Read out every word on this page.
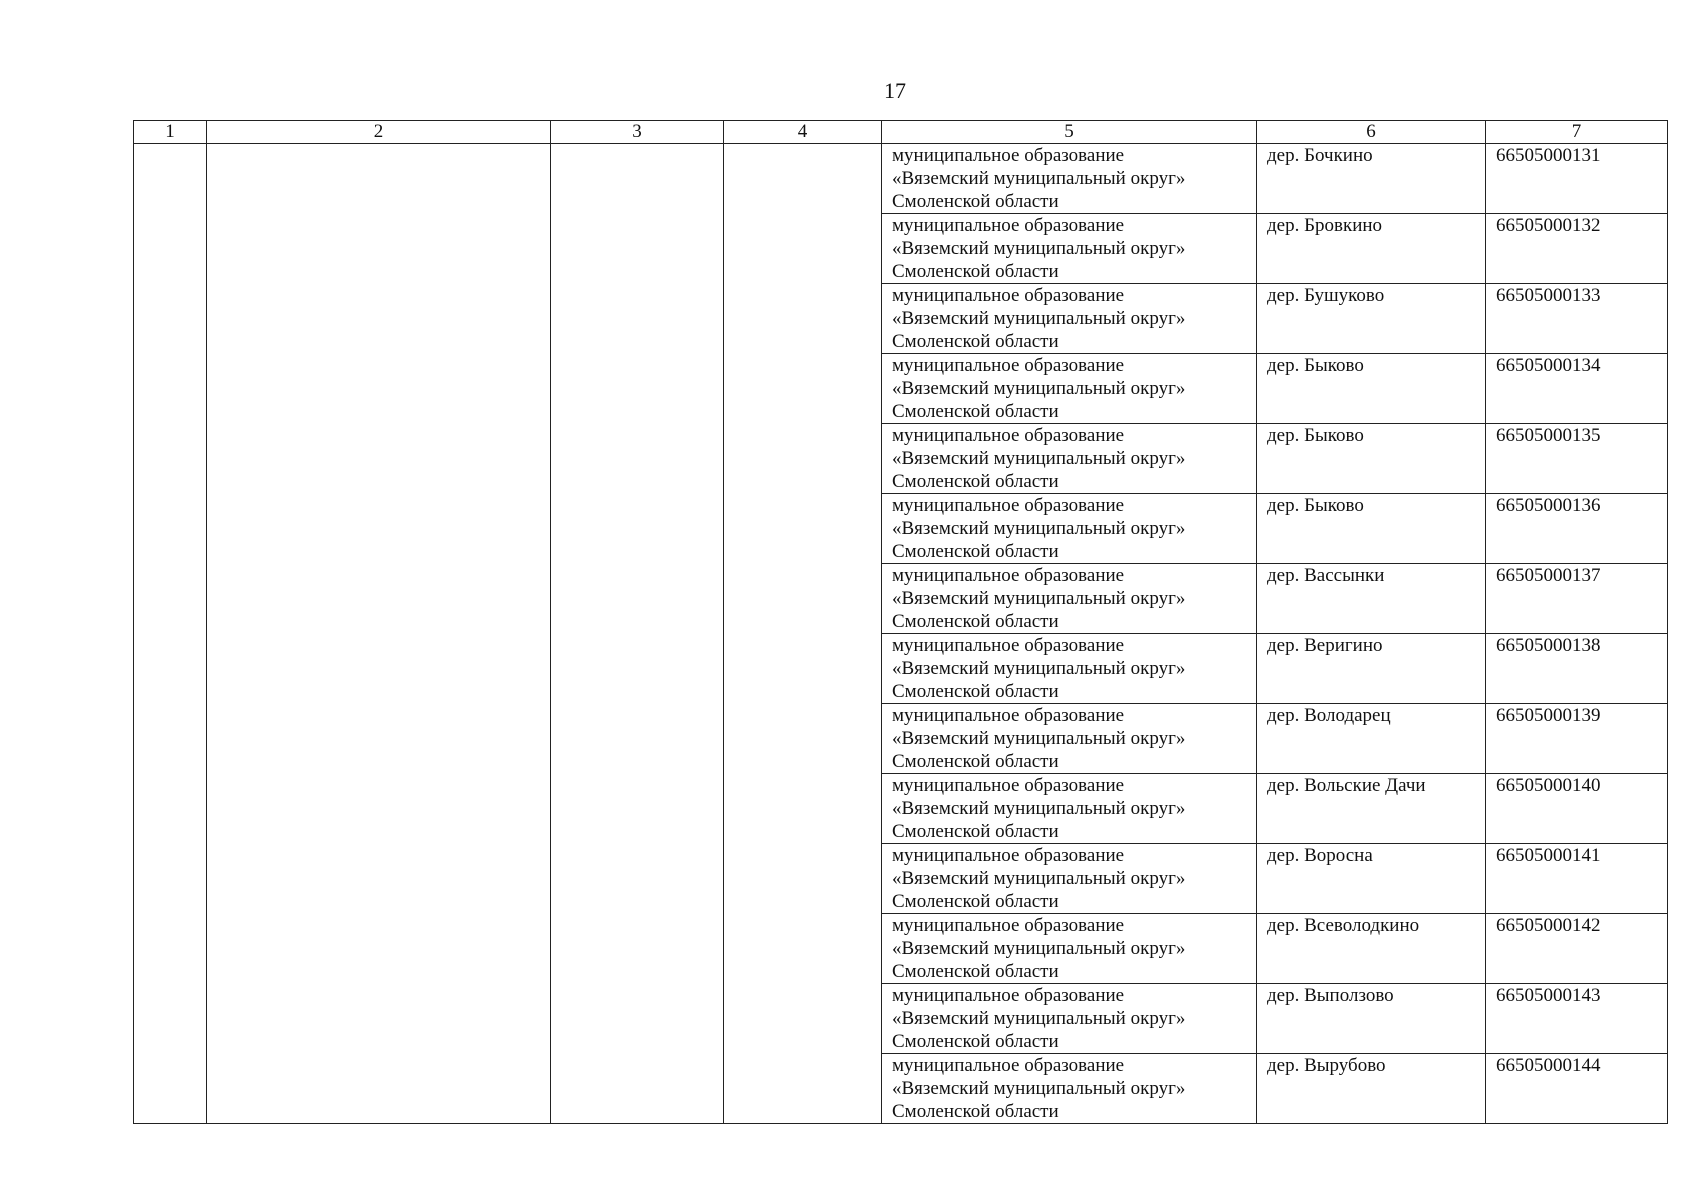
17
1	2	3	4	5	6	7

				муниципальное образование
«Вяземский муниципальный округ»
Смоленской области	дер. Бочкино	66505000131

				муниципальное образование
«Вяземский муниципальный округ»
Смоленской области	дер. Бровкино	66505000132

				муниципальное образование
«Вяземский муниципальный округ»
Смоленской области	дер. Бушуково	66505000133

				муниципальное образование
«Вяземский муниципальный округ»
Смоленской области	дер. Быково	66505000134

				муниципальное образование
«Вяземский муниципальный округ»
Смоленской области	дер. Быково	66505000135

				муниципальное образование
«Вяземский муниципальный округ»
Смоленской области	дер. Быково	66505000136

				муниципальное образование
«Вяземский муниципальный округ»
Смоленской области	дер. Вассынки	66505000137

				муниципальное образование
«Вяземский муниципальный округ»
Смоленской области	дер. Веригино	66505000138

				муниципальное образование
«Вяземский муниципальный округ»
Смоленской области	дер. Володарец	66505000139

				муниципальное образование
«Вяземский муниципальный округ»
Смоленской области	дер. Вольские Дачи	66505000140

				муниципальное образование
«Вяземский муниципальный округ»
Смоленской области	дер. Воросна	66505000141

				муниципальное образование
«Вяземский муниципальный округ»
Смоленской области	дер. Всеволодкино	66505000142

				муниципальное образование
«Вяземский муниципальный округ»
Смоленской области	дер. Выползово	66505000143

				муниципальное образование
«Вяземский муниципальный округ»
Смоленской области	дер. Вырубово	66505000144
